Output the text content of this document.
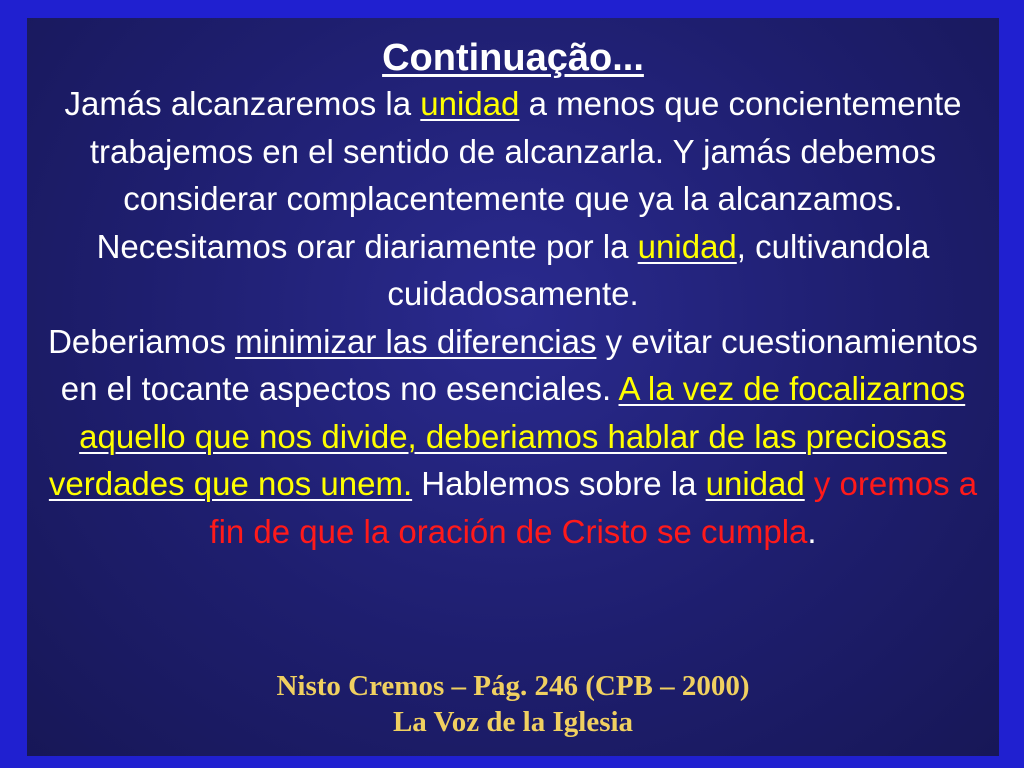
Continuação...

Jamás alcanzaremos la unidad a menos que concientemente trabajemos en el sentido de alcanzarla. Y jamás debemos considerar complacentemente que ya la alcanzamos.

Necesitamos orar diariamente por la unidad, cultivandola cuidadosamente.

Deberiamos minimizar las diferencias y evitar cuestionamientos en el tocante aspectos no esenciales. A la vez de focalizarnos aquello que nos divide, deberiamos hablar de las preciosas verdades que nos unem. Hablemos sobre la unidad y oremos a fin de que la oración de Cristo se cumpla.

Nisto Cremos – Pág. 246 (CPB – 2000)
La Voz de la Iglesia
